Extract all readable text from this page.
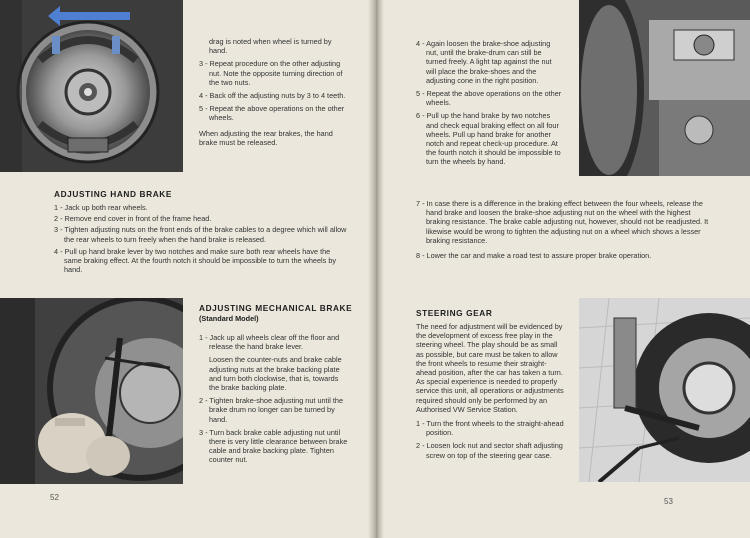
drag is noted when wheel is turned by hand.

3 - Repeat procedure on the other adjusting nut. Note the opposite turning direction of the two nuts.

4 - Back off the adjusting nuts by 3 to 4 teeth.

5 - Repeat the above operations on the other wheels.

When adjusting the rear brakes, the hand brake must be released.

ADJUSTING HAND BRAKE

1 - Jack up both rear wheels.

2 - Remove end cover in front of the frame head.

3 - Tighten adjusting nuts on the front ends of the brake cables to a degree which will allow the rear wheels to turn freely when the hand brake is released.

4 - Pull up hand brake lever by two notches and make sure both rear wheels have the same braking effect. At the fourth notch it should be impossible to turn the wheels by hand.

ADJUSTING MECHANICAL BRAKE
(Standard Model)

1 - Jack up all wheels clear off the floor and release the hand brake lever.

Loosen the counter-nuts and brake cable adjusting nuts at the brake backing plate and turn both clockwise, that is, towards the brake backing plate.

2 - Tighten brake-shoe adjusting nut until the brake drum no longer can be turned by hand.

3 - Turn back brake cable adjusting nut until there is very little clearance between brake cable and brake backing plate. Tighten counter nut.

52

4 - Again loosen the brake-shoe adjusting nut, until the brake-drum can still be turned freely. A light tap against the nut will place the brake-shoes and the adjusting cone in the right position.

5 - Repeat the above operations on the other wheels.

6 - Pull up the hand brake by two notches and check equal braking effect on all four wheels. Pull up hand brake for another notch and repeat check-up procedure. At the fourth notch it should be impossible to turn the wheels by hand.

7 - In case there is a difference in the braking effect between the four wheels, release the hand brake and loosen the brake-shoe adjusting nut on the wheel with the highest braking resistance. The brake cable adjusting nut, however, should not be readjusted. It likewise would be wrong to tighten the adjusting nut on a wheel which shows a lesser braking resistance.

8 - Lower the car and make a road test to assure proper brake operation.

STEERING GEAR

The need for adjustment will be evidenced by the development of excess free play in the steering wheel. The play should be as small as possible, but care must be taken to allow the front wheels to resume their straight-ahead position, after the car has taken a turn. As special experience is needed to properly service this unit, all operations or adjustments required should only be performed by an Authorised VW Service Station.

1 - Turn the front wheels to the straight-ahead position.

2 - Loosen lock nut and sector shaft adjusting screw on top of the steering gear case.

53
